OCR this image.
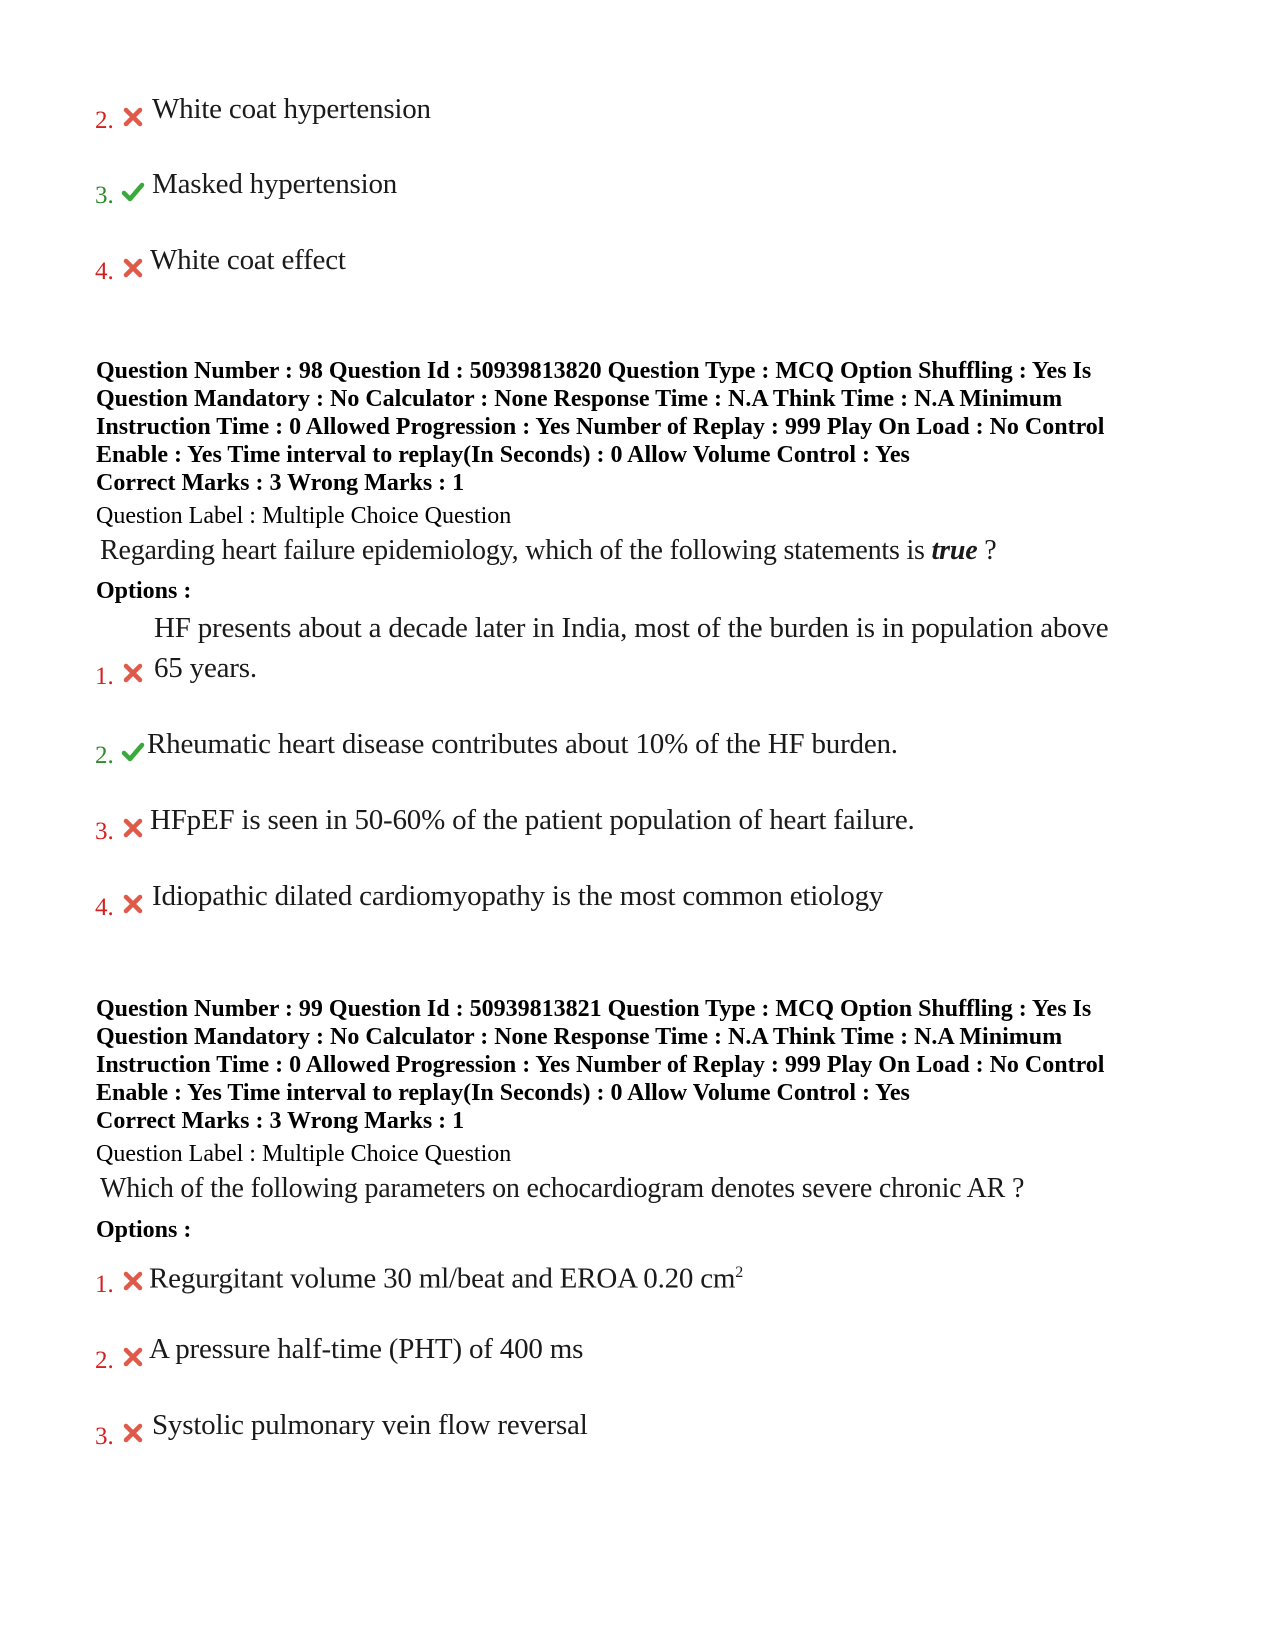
2. White coat hypertension
3. Masked hypertension
4. White coat effect
Question Number : 98 Question Id : 50939813820 Question Type : MCQ Option Shuffling : Yes Is
Question Mandatory : No Calculator : None Response Time : N.A Think Time : N.A Minimum
Instruction Time : 0 Allowed Progression : Yes Number of Replay : 999 Play On Load : No Control
Enable : Yes Time interval to replay(In Seconds) : 0 Allow Volume Control : Yes
Correct Marks : 3 Wrong Marks : 1
Question Label : Multiple Choice Question
Regarding heart failure epidemiology, which of the following statements is true ?
Options :
HF presents about a decade later in India, most of the burden is in population above
1. 65 years.
2. Rheumatic heart disease contributes about 10% of the HF burden.
3. HFpEF is seen in 50-60% of the patient population of heart failure.
4. Idiopathic dilated cardiomyopathy is the most common etiology
Question Number : 99 Question Id : 50939813821 Question Type : MCQ Option Shuffling : Yes Is
Question Mandatory : No Calculator : None Response Time : N.A Think Time : N.A Minimum
Instruction Time : 0 Allowed Progression : Yes Number of Replay : 999 Play On Load : No Control
Enable : Yes Time interval to replay(In Seconds) : 0 Allow Volume Control : Yes
Correct Marks : 3 Wrong Marks : 1
Question Label : Multiple Choice Question
Which of the following parameters on echocardiogram denotes severe chronic AR ?
Options :
1. Regurgitant volume 30 ml/beat and EROA 0.20 $cm^2$
2. A pressure half-time (PHT) of 400 ms
3. Systolic pulmonary vein flow reversal
